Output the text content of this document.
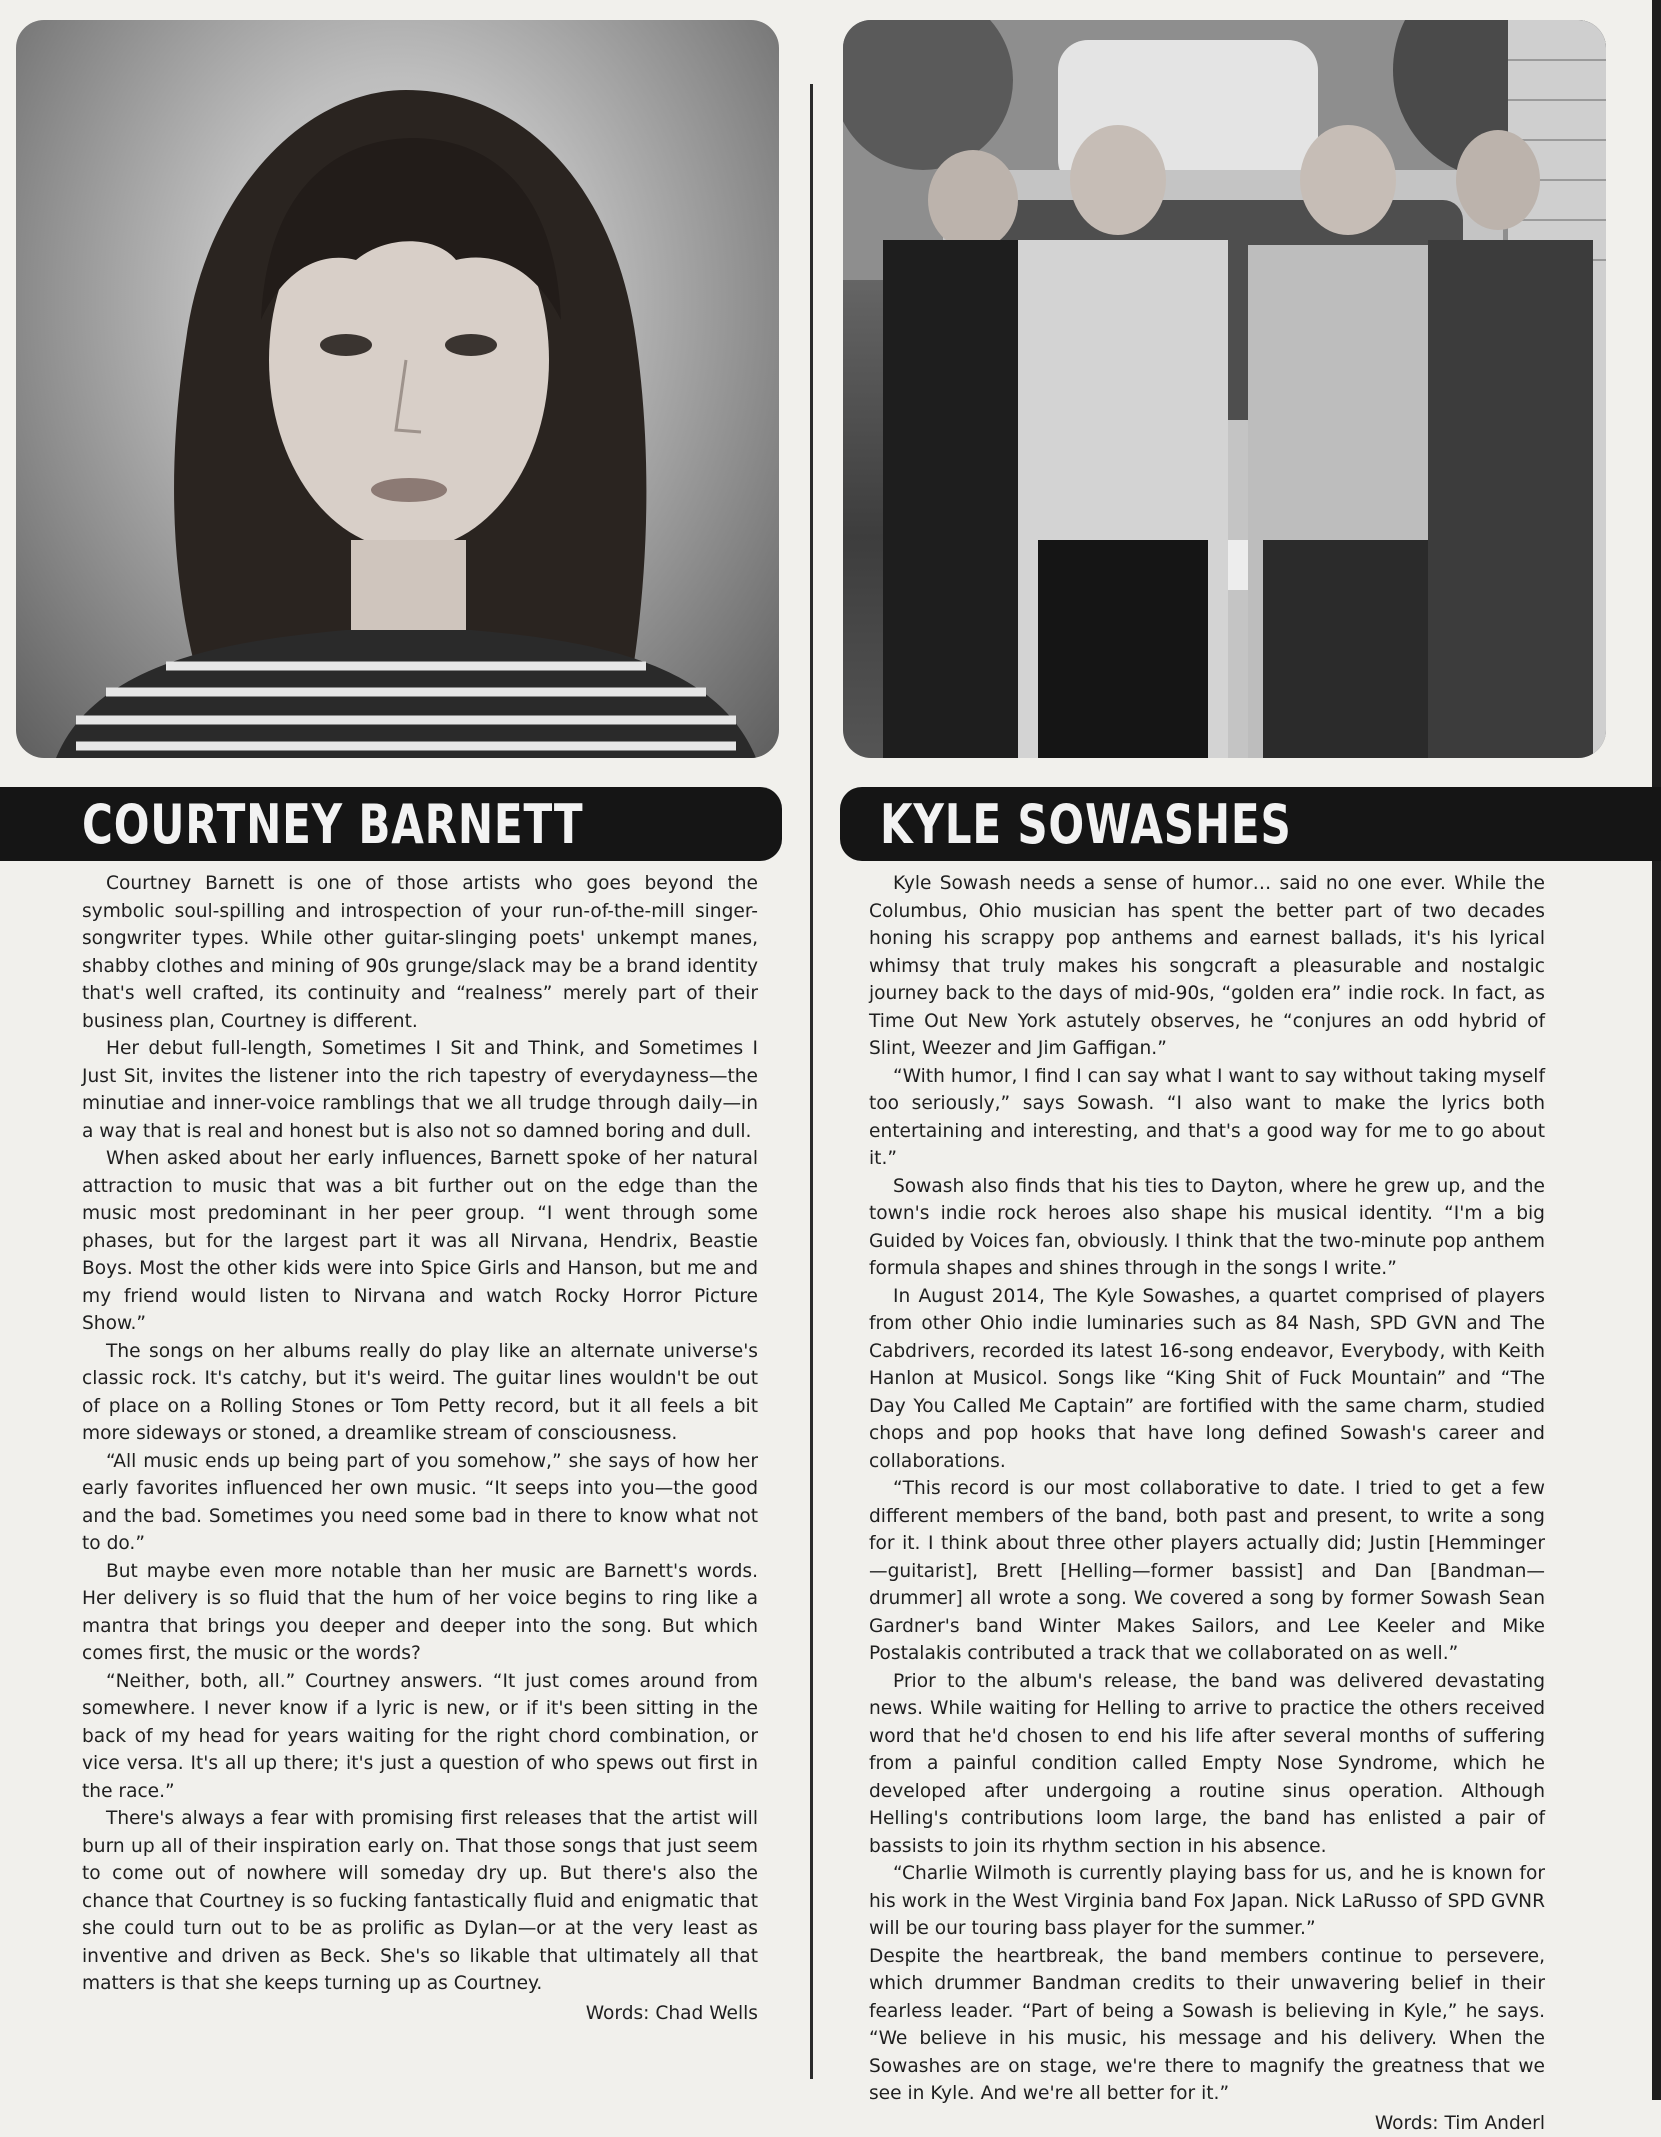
COURTNEY BARNETT	KYLE SOWASHES

Courtney Barnett is one of those artists who goes beyond the symbolic soul-spilling and introspection of your run-of-the-mill singer-songwriter types. While other guitar-slinging poets' unkempt manes, shabby clothes and mining of 90s grunge/slack may be a brand identity that's well crafted, its continuity and “realness” merely part of their business plan, Courtney is different.

Her debut full-length, Sometimes I Sit and Think, and Sometimes I Just Sit, invites the listener into the rich tapestry of everydayness—the minutiae and inner-voice ramblings that we all trudge through daily—in a way that is real and honest but is also not so damned boring and dull.

When asked about her early influences, Barnett spoke of her natural attraction to music that was a bit further out on the edge than the music most predominant in her peer group. “I went through some phases, but for the largest part it was all Nirvana, Hendrix, Beastie Boys. Most the other kids were into Spice Girls and Hanson, but me and my friend would listen to Nirvana and watch Rocky Horror Picture Show.”

The songs on her albums really do play like an alternate universe's classic rock. It's catchy, but it's weird. The guitar lines wouldn't be out of place on a Rolling Stones or Tom Petty record, but it all feels a bit more sideways or stoned, a dreamlike stream of consciousness.

“All music ends up being part of you somehow,” she says of how her early favorites influenced her own music. “It seeps into you—the good and the bad. Sometimes you need some bad in there to know what not to do.”

But maybe even more notable than her music are Barnett's words. Her delivery is so fluid that the hum of her voice begins to ring like a mantra that brings you deeper and deeper into the song. But which comes first, the music or the words?

“Neither, both, all.” Courtney answers. “It just comes around from somewhere. I never know if a lyric is new, or if it's been sitting in the back of my head for years waiting for the right chord combination, or vice versa. It's all up there; it's just a question of who spews out first in the race.”

There's always a fear with promising first releases that the artist will burn up all of their inspiration early on. That those songs that just seem to come out of nowhere will someday dry up. But there's also the chance that Courtney is so fucking fantastically fluid and enigmatic that she could turn out to be as prolific as Dylan—or at the very least as inventive and driven as Beck. She's so likable that ultimately all that matters is that she keeps turning up as Courtney.

Words: Chad Wells

Kyle Sowash needs a sense of humor… said no one ever. While the Columbus, Ohio musician has spent the better part of two decades honing his scrappy pop anthems and earnest ballads, it's his lyrical whimsy that truly makes his songcraft a pleasurable and nostalgic journey back to the days of mid-90s, “golden era” indie rock. In fact, as Time Out New York astutely observes, he “conjures an odd hybrid of Slint, Weezer and Jim Gaffigan.”

“With humor, I find I can say what I want to say without taking myself too seriously,” says Sowash. “I also want to make the lyrics both entertaining and interesting, and that's a good way for me to go about it.”

Sowash also finds that his ties to Dayton, where he grew up, and the town's indie rock heroes also shape his musical identity. “I'm a big Guided by Voices fan, obviously. I think that the two-minute pop anthem formula shapes and shines through in the songs I write.”

In August 2014, The Kyle Sowashes, a quartet comprised of players from other Ohio indie luminaries such as 84 Nash, SPD GVN and The Cabdrivers, recorded its latest 16-song endeavor, Everybody, with Keith Hanlon at Musicol. Songs like “King Shit of Fuck Mountain” and “The Day You Called Me Captain” are fortified with the same charm, studied chops and pop hooks that have long defined Sowash's career and collaborations.

“This record is our most collaborative to date. I tried to get a few different members of the band, both past and present, to write a song for it. I think about three other players actually did; Justin [Hemminger—guitarist], Brett [Helling—former bassist] and Dan [Bandman—drummer] all wrote a song. We covered a song by former Sowash Sean Gardner's band Winter Makes Sailors, and Lee Keeler and Mike Postalakis contributed a track that we collaborated on as well.”

Prior to the album's release, the band was delivered devastating news. While waiting for Helling to arrive to practice the others received word that he'd chosen to end his life after several months of suffering from a painful condition called Empty Nose Syndrome, which he developed after undergoing a routine sinus operation. Although Helling's contributions loom large, the band has enlisted a pair of bassists to join its rhythm section in his absence.

“Charlie Wilmoth is currently playing bass for us, and he is known for his work in the West Virginia band Fox Japan. Nick LaRusso of SPD GVNR will be our touring bass player for the summer.”

Despite the heartbreak, the band members continue to persevere, which drummer Bandman credits to their unwavering belief in their fearless leader. “Part of being a Sowash is believing in Kyle,” he says. “We believe in his music, his message and his delivery. When the Sowashes are on stage, we're there to magnify the greatness that we see in Kyle. And we're all better for it.”

Words: Tim Anderl
